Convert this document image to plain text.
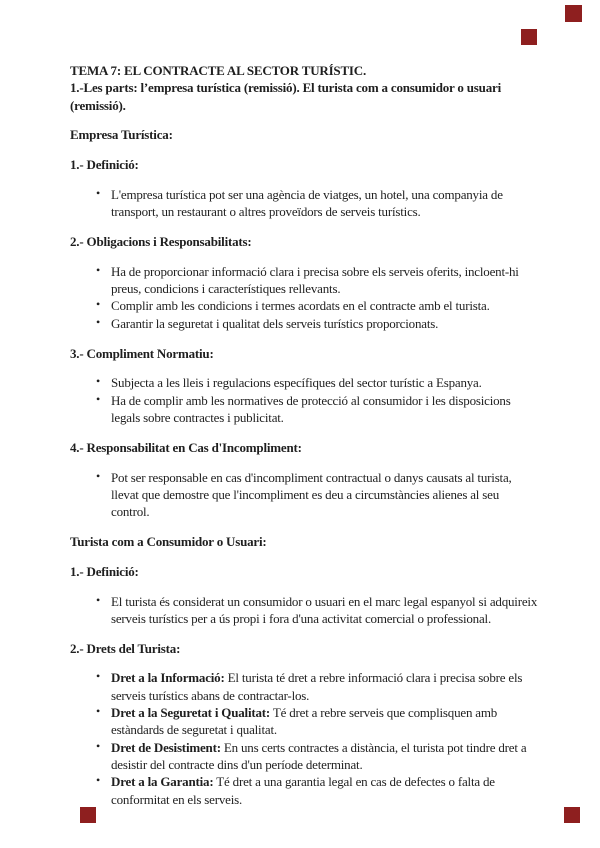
TEMA 7: EL CONTRACTE AL SECTOR TURÍSTIC.
1.-Les parts: l’empresa turística (remissió). El turista com a consumidor o usuari (remissió).
Empresa Turística:
1.- Definició:
• L'empresa turística pot ser una agència de viatges, un hotel, una companyia de transport, un restaurant o altres proveïdors de serveis turístics.
2.- Obligacions i Responsabilitats:
• Ha de proporcionar informació clara i precisa sobre els serveis oferits, incloent-hi preus, condicions i característiques rellevants.
• Complir amb les condicions i termes acordats en el contracte amb el turista.
• Garantir la seguretat i qualitat dels serveis turístics proporcionats.
3.- Compliment Normatiu:
• Subjecta a les lleis i regulacions específiques del sector turístic a Espanya.
• Ha de complir amb les normatives de protecció al consumidor i les disposicions legals sobre contractes i publicitat.
4.- Responsabilitat en Cas d'Incompliment:
• Pot ser responsable en cas d'incompliment contractual o danys causats al turista, llevat que demostre que l'incompliment es deu a circumstàncies alienes al seu control.
Turista com a Consumidor o Usuari:
1.- Definició:
• El turista és considerat un consumidor o usuari en el marc legal espanyol si adquireix serveis turístics per a ús propi i fora d'una activitat comercial o professional.
2.- Drets del Turista:
• Dret a la Informació: El turista té dret a rebre informació clara i precisa sobre els serveis turístics abans de contractar-los.
• Dret a la Seguretat i Qualitat: Té dret a rebre serveis que complisquen amb estàndards de seguretat i qualitat.
• Dret de Desistiment: En uns certs contractes a distància, el turista pot tindre dret a desistir del contracte dins d'un període determinat.
• Dret a la Garantia: Té dret a una garantia legal en cas de defectes o falta de conformitat en els serveis.
